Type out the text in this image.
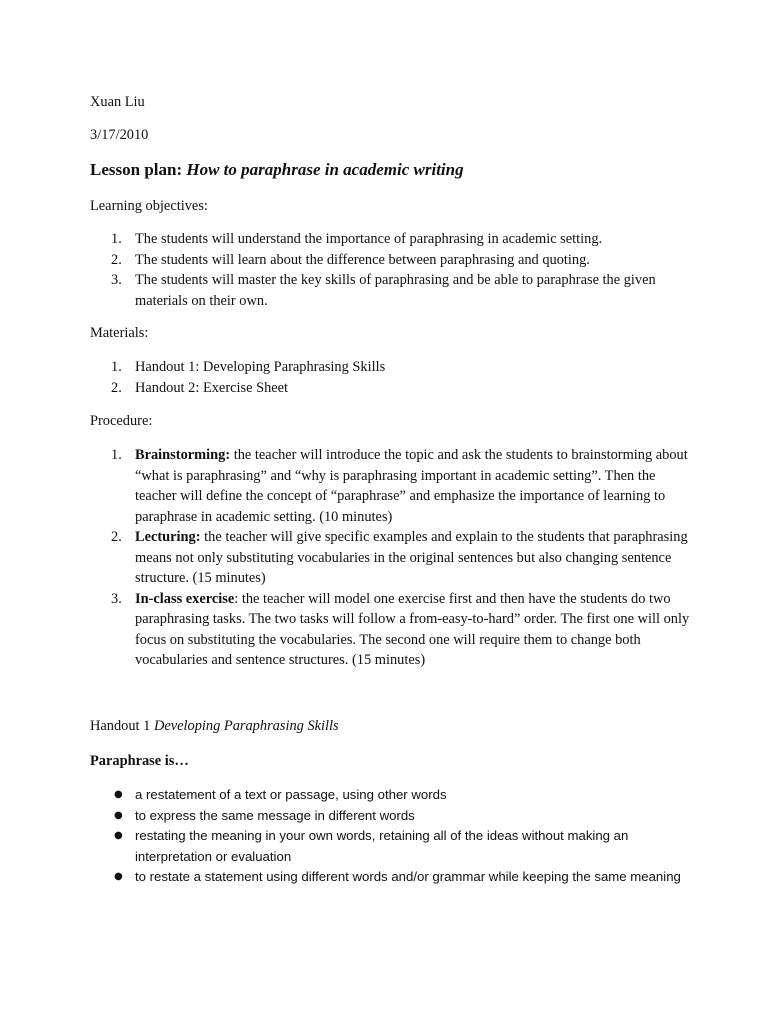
Xuan Liu
3/17/2010
Lesson plan: How to paraphrase in academic writing
Learning objectives:
1. The students will understand the importance of paraphrasing in academic setting.
2. The students will learn about the difference between paraphrasing and quoting.
3. The students will master the key skills of paraphrasing and be able to paraphrase the given materials on their own.
Materials:
1. Handout 1: Developing Paraphrasing Skills
2. Handout 2: Exercise Sheet
Procedure:
1. Brainstorming: the teacher will introduce the topic and ask the students to brainstorming about “what is paraphrasing” and “why is paraphrasing important in academic setting”. Then the teacher will define the concept of “paraphrase” and emphasize the importance of learning to paraphrase in academic setting. (10 minutes)
2. Lecturing: the teacher will give specific examples and explain to the students that paraphrasing means not only substituting vocabularies in the original sentences but also changing sentence structure. (15 minutes)
3. In-class exercise: the teacher will model one exercise first and then have the students do two paraphrasing tasks. The two tasks will follow a from-easy-to-hard” order. The first one will only focus on substituting the vocabularies. The second one will require them to change both vocabularies and sentence structures. (15 minutes)
Handout 1 Developing Paraphrasing Skills
Paraphrase is…
● a restatement of a text or passage, using other words
● to express the same message in different words
● restating the meaning in your own words, retaining all of the ideas without making an interpretation or evaluation
● to restate a statement using different words and/or grammar while keeping the same meaning
